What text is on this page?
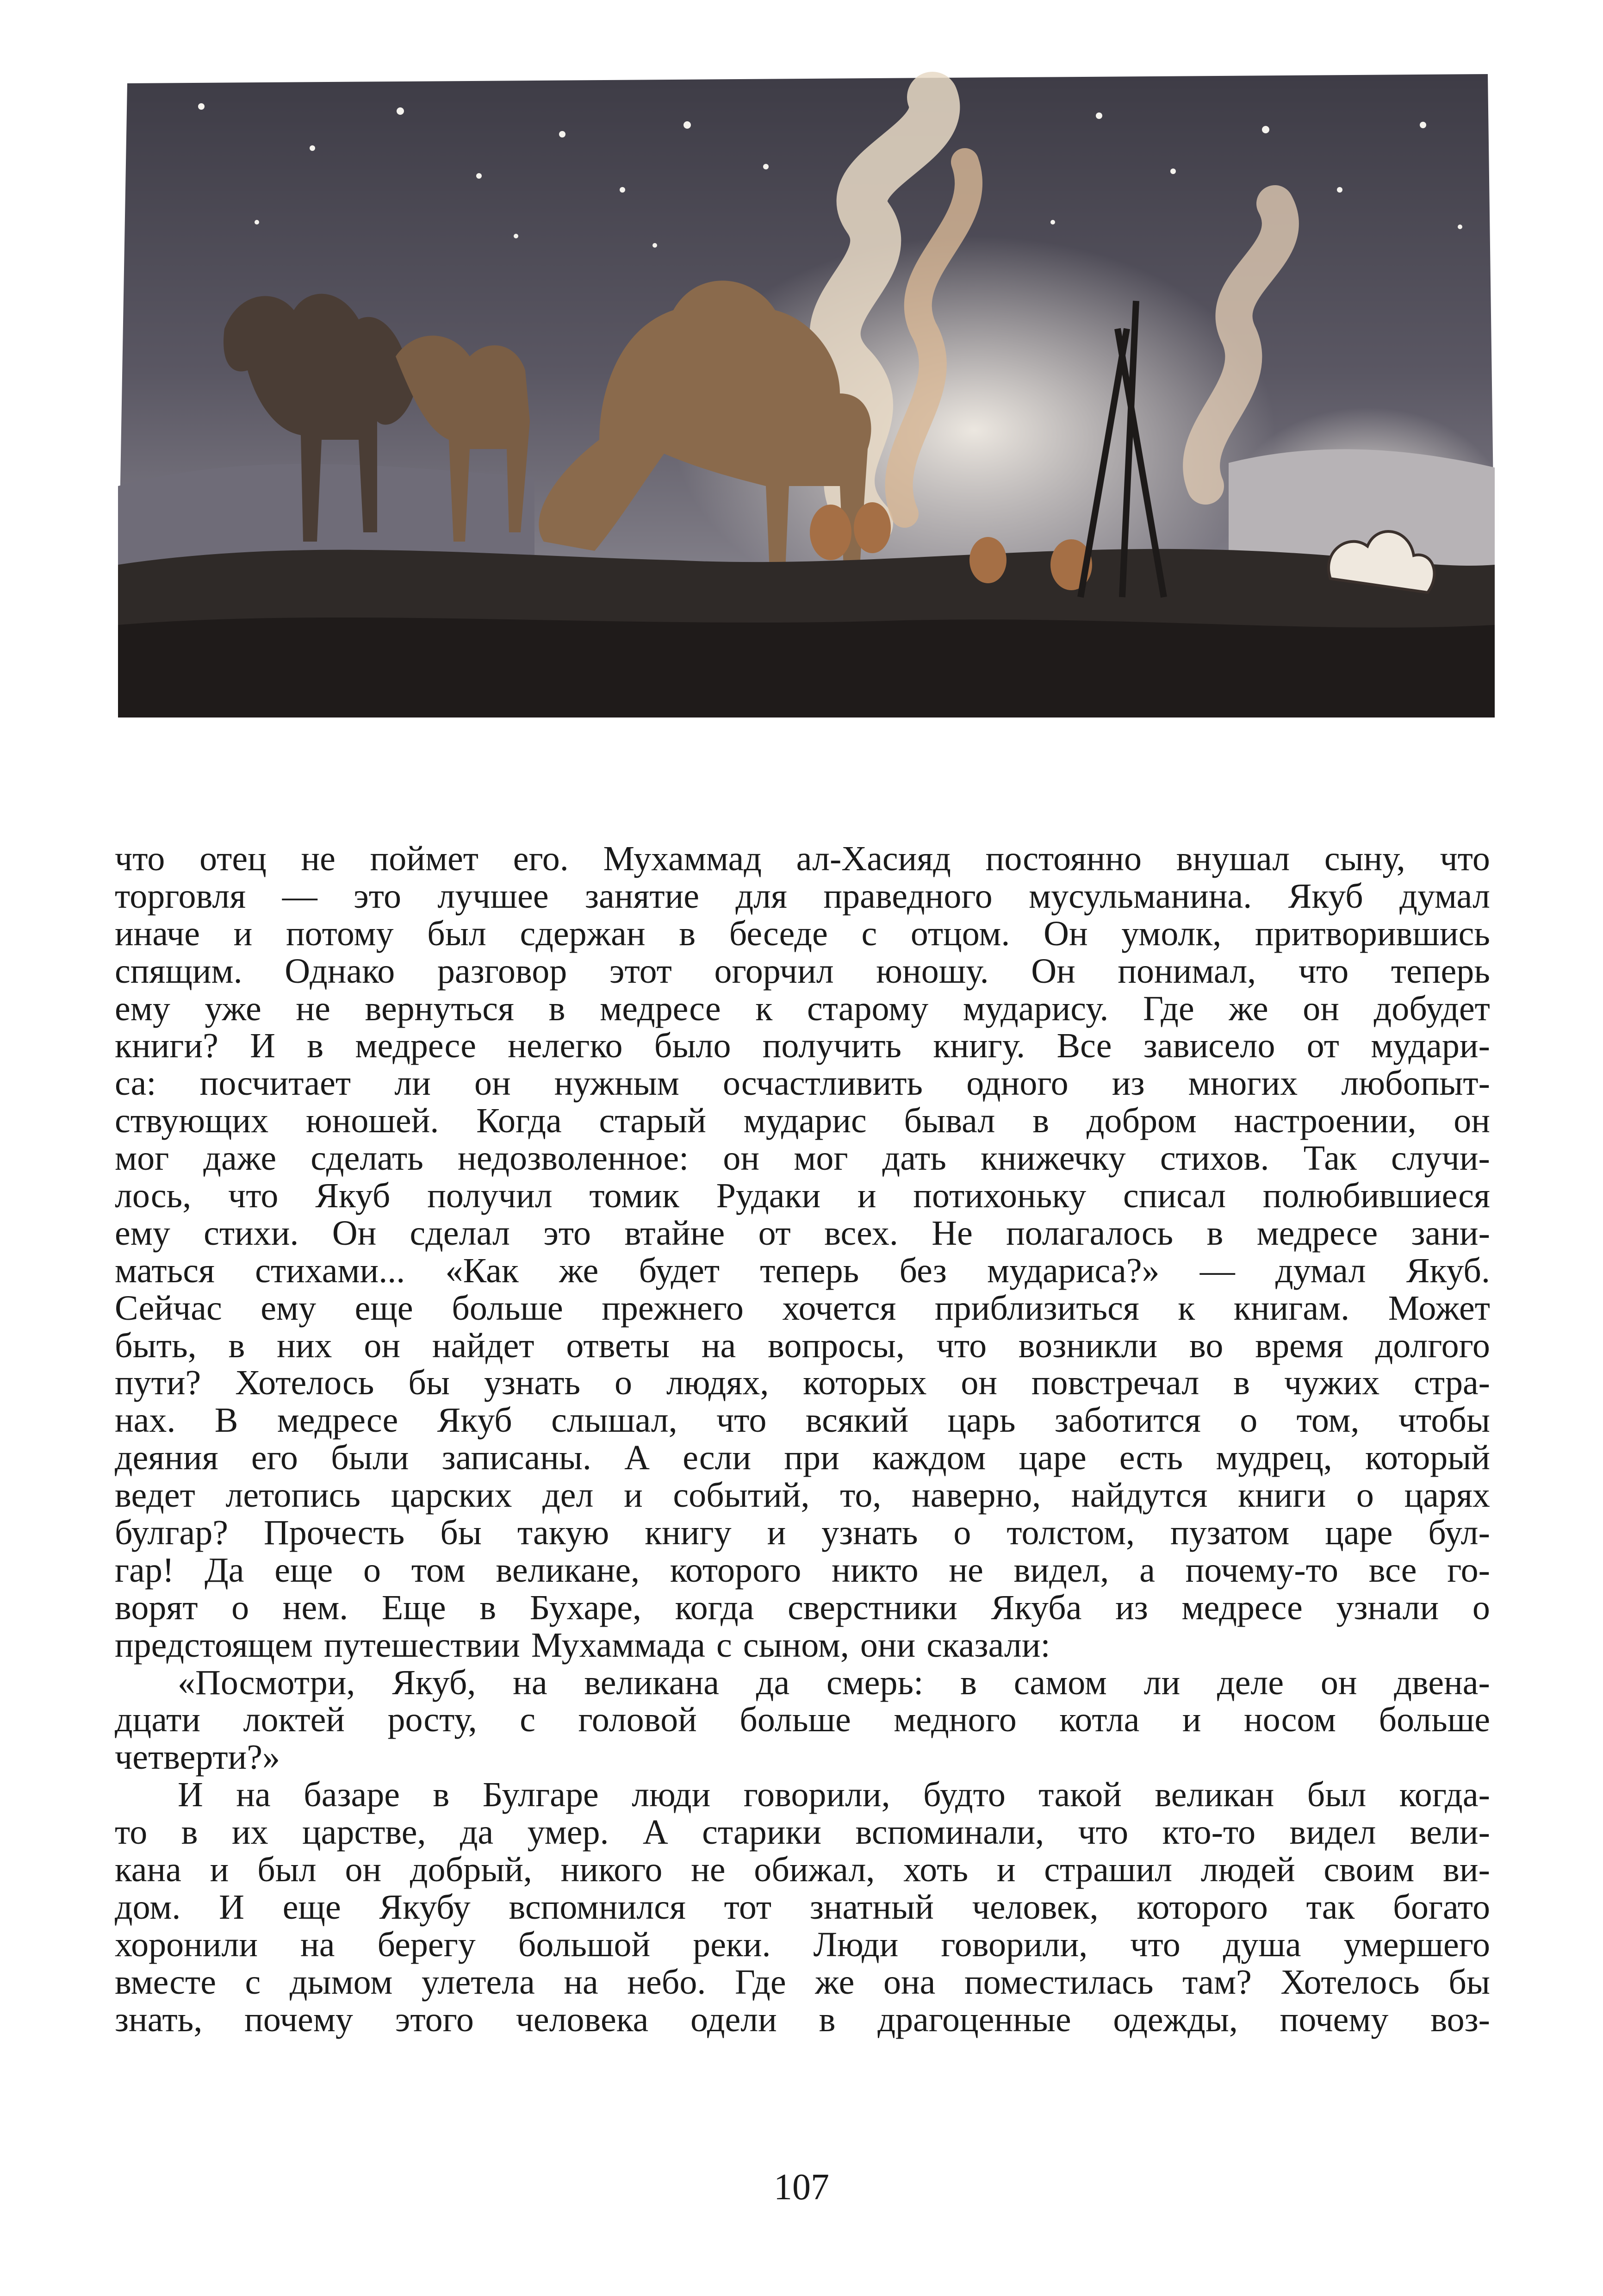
что отец не поймет его. Мухаммад ал-Хасияд постоянно внушал сыну, что
торговля — это лучшее занятие для праведного мусульманина. Якуб думал
иначе и потому был сдержан в беседе с отцом. Он умолк, притворившись
спящим. Однако разговор этот огорчил юношу. Он понимал, что теперь
ему уже не вернуться в медресе к старому мударису. Где же он добудет
книги? И в медресе нелегко было получить книгу. Все зависело от мудари-
са: посчитает ли он нужным осчастливить одного из многих любопыт-
ствующих юношей. Когда старый мударис бывал в добром настроении, он
мог даже сделать недозволенное: он мог дать книжечку стихов. Так случи-
лось, что Якуб получил томик Рудаки и потихоньку списал полюбившиеся
ему стихи. Он сделал это втайне от всех. Не полагалось в медресе зани-
маться стихами... «Как же будет теперь без мудариса?» — думал Якуб.
Сейчас ему еще больше прежнего хочется приблизиться к книгам. Может
быть, в них он найдет ответы на вопросы, что возникли во время долгого
пути? Хотелось бы узнать о людях, которых он повстречал в чужих стра-
нах. В медресе Якуб слышал, что всякий царь заботится о том, чтобы
деяния его были записаны. А если при каждом царе есть мудрец, который
ведет летопись царских дел и событий, то, наверно, найдутся книги о царях
булгар? Прочесть бы такую книгу и узнать о толстом, пузатом царе бул-
гар! Да еще о том великане, которого никто не видел, а почему-то все го-
ворят о нем. Еще в Бухаре, когда сверстники Якуба из медресе узнали о
предстоящем путешествии Мухаммада с сыном, они сказали:
«Посмотри, Якуб, на великана да смерь: в самом ли деле он двена-
дцати локтей росту, с головой больше медного котла и носом больше
четверти?»
И на базаре в Булгаре люди говорили, будто такой великан был когда-
то в их царстве, да умер. А старики вспоминали, что кто-то видел вели-
кана и был он добрый, никого не обижал, хоть и страшил людей своим ви-
дом. И еще Якубу вспомнился тот знатный человек, которого так богато
хоронили на берегу большой реки. Люди говорили, что душа умершего
вместе с дымом улетела на небо. Где же она поместилась там? Хотелось бы
знать, почему этого человека одели в драгоценные одежды, почему воз-
107
